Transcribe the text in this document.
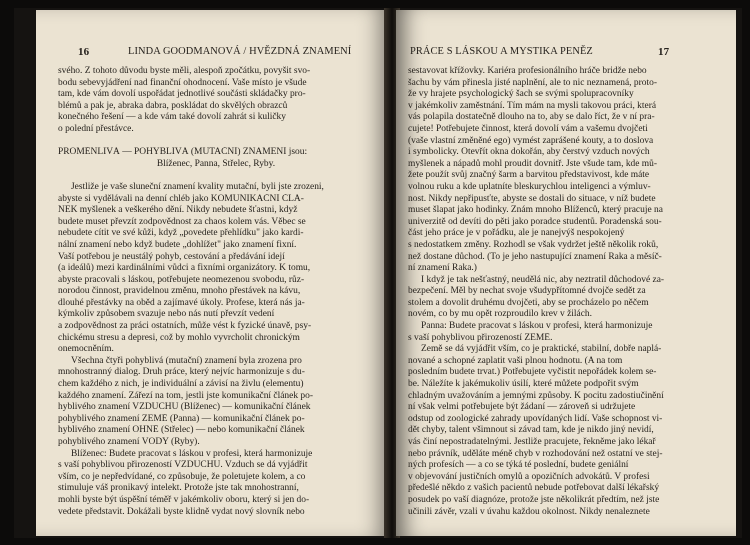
16	LINDA GOODMANOVÁ / HVĚZDNÁ ZNAMENÍ
svého. Z tohoto důvodu byste měli, alespoň zpočátku, povyšit svo-
bodu sebevyjádření nad finanční ohodnocení. Vaše místo je všude
tam, kde vám dovolí uspořádat jednotlivé součásti skládačky pro-
blémů a pak je, abraka dabra, poskládat do skvělých obrazců
konečného řešení — a kde vám také dovolí zahrát si kuličky
o polední přestávce.
PROMĚNLIVÁ — POHYBLIVÁ (MUTAČNÍ) ZNAMENÍ jsou:
Blíženec, Panna, Střelec, Ryby.
Jestliže je vaše sluneční znamení kvality mutační, byli jste zrozeni,
abyste si vydělávali na denní chléb jako KOMUNIKAČNÍ ČLÁ-
NEK myšlenek a veškerého dění. Nikdy nebudete šťastni, když
budete muset převzít zodpovědnost za chaos kolem vás. Věbec se
nebudete cítit ve své kůži, když „povedete přehlídku" jako kardi-
nální znamení nebo když budete „dohlížet" jako znamení fixní.
Vaší potřebou je neustálý pohyb, cestování a předávání idejí
(a ideálů) mezi kardinálními vůdci a fixními organizátory. K tomu,
abyste pracovali s láskou, potřebujete neomezenou svobodu, růz-
norodou činnost, pravidelnou změnu, mnoho přestávek na kávu,
dlouhé přestávky na oběd a zajímavé úkoly. Profese, která nás ja-
kýmkoliv způsobem svazuje nebo nás nutí převzít vedení
a zodpovědnost za práci ostatních, může vést k fyzické únavě, psy-
chickému stresu a depresi, což by mohlo vyvrcholit chronickým
onemocněním.
Všechna čtyři pohyblivá (mutační) znamení byla zrozena pro
mnohostranný dialog. Druh práce, který nejvíc harmonizuje s du-
chem každého z nich, je individuální a závisí na živlu (elementu)
každého znamení. Zářezí na tom, jestli jste komunikační článek po-
hyblivého znamení VZDUCHU (Blíženec) — komunikační článek
pohyblivého znamení ZEMĚ (Panna) — komunikační článek po-
hyblivého znamení OHNĚ (Střelec) — nebo komunikační článek
pohyblivého znamení VODY (Ryby).
Blíženec: Budete pracovat s láskou v profesi, která harmonizuje
s vaší pohyblivou přirozeností VZDUCHU. Vzduch se dá vyjádřit
vším, co je nepředvídané, co způsobuje, že poletujete kolem, a co
stimuluje váš pronikavý intelekt. Protože jste tak mnohostranní,
mohli byste být úspěšní téměř v jakémkoliv oboru, který si jen do-
vedete představit. Dokážali byste klidně vydat nový slovník nebo
PRÁCE S LÁSKOU A MYSTIKA PENĚZ	17
sestavovat křížovky. Kariéra profesionálního hráče bridže nebo
šachu by vám přinesla jisté naplnění, ale to nic neznamená, proto-
že vy hrajete psychologický šach se svými spolupracovníky
v jakémkoliv zaměstnání. Tím mám na mysli takovou práci, která
vás polapila dostatečně dlouho na to, aby se dalo říct, že v ní pra-
cujete! Potřebujete činnost, která dovolí vám a vašemu dvojčeti
(vaše vlastní změněné ego) vymést zaprášené kouty, a to doslova
i symbolicky. Otevřít okna dokořán, aby čerstvý vzduch nových
myšlenek a nápadů mohl proudit dovnitř. Jste všude tam, kde mů-
žete použít svůj značný šarm a barvitou představivost, kde máte
volnou ruku a kde uplatníte bleskurychlou inteligenci a výmluv-
nost. Nikdy nepřipusťte, abyste se dostali do situace, v níž budete
muset šlapat jako hodinky. Znám mnoho Blíženců, který pracuje na
univerzitě od devíti do pěti jako poradce studentů. Poradenská sou-
část jeho práce je v pořádku, ale je nanejvýš nespokojený
s nedostatkem změny. Rozhodl se však vydržet ještě několik roků,
než dostane důchod. (To je jeho nastupující znamení Raka a měsíč-
ní znamení Raka.)
I když je tak nešťastný, neudělá nic, aby neztratil důchodové za-
bezpečení. Měl by nechat svoje všudypřítomné dvojče sedět za
stolem a dovolit druhému dvojčeti, aby se procházelo po něčem
novém, co by mu opět rozproudilo krev v žilách.
Panna: Budete pracovat s láskou v profesi, která harmonizuje
s vaší pohyblivou přirozeností ZEMĚ.
Země se dá vyjádřit vším, co je praktické, stabilní, dobře naplá-
nované a schopné zaplatit vaši plnou hodnotu. (A na tom
posledním budete trvat.) Potřebujete vyčistit nepořádek kolem se-
be. Náležíte k jakémukoliv úsilí, které můžete podpořit svým
chladným uvažováním a jemnými způsoby. K pocitu zadostiučinění
ní však velmi potřebujete být žádaní — zároveň si udržujete
odstup od zoologické zahrady upovídaných lidí. Vaše schopnost vi-
dět chyby, talent všimnout si závad tam, kde je nikdo jiný nevidí,
vás činí nepostradatelnými. Jestliže pracujete, řekněme jako lékař
nebo právník, uděláte méně chyb v rozhodování než ostatní ve stej-
ných profesích — a co se týká té poslední, budete geniální
v objevování justičních omylů a opozičních advokátů. V profesi
předešlé někdo z vašich pacientů nebude potřebovat další lékařský
posudek po vaší diagnóze, protože jste několikrát předtím, než jste
učinili závěr, vzali v úvahu každou okolnost. Nikdy nenaleznete
